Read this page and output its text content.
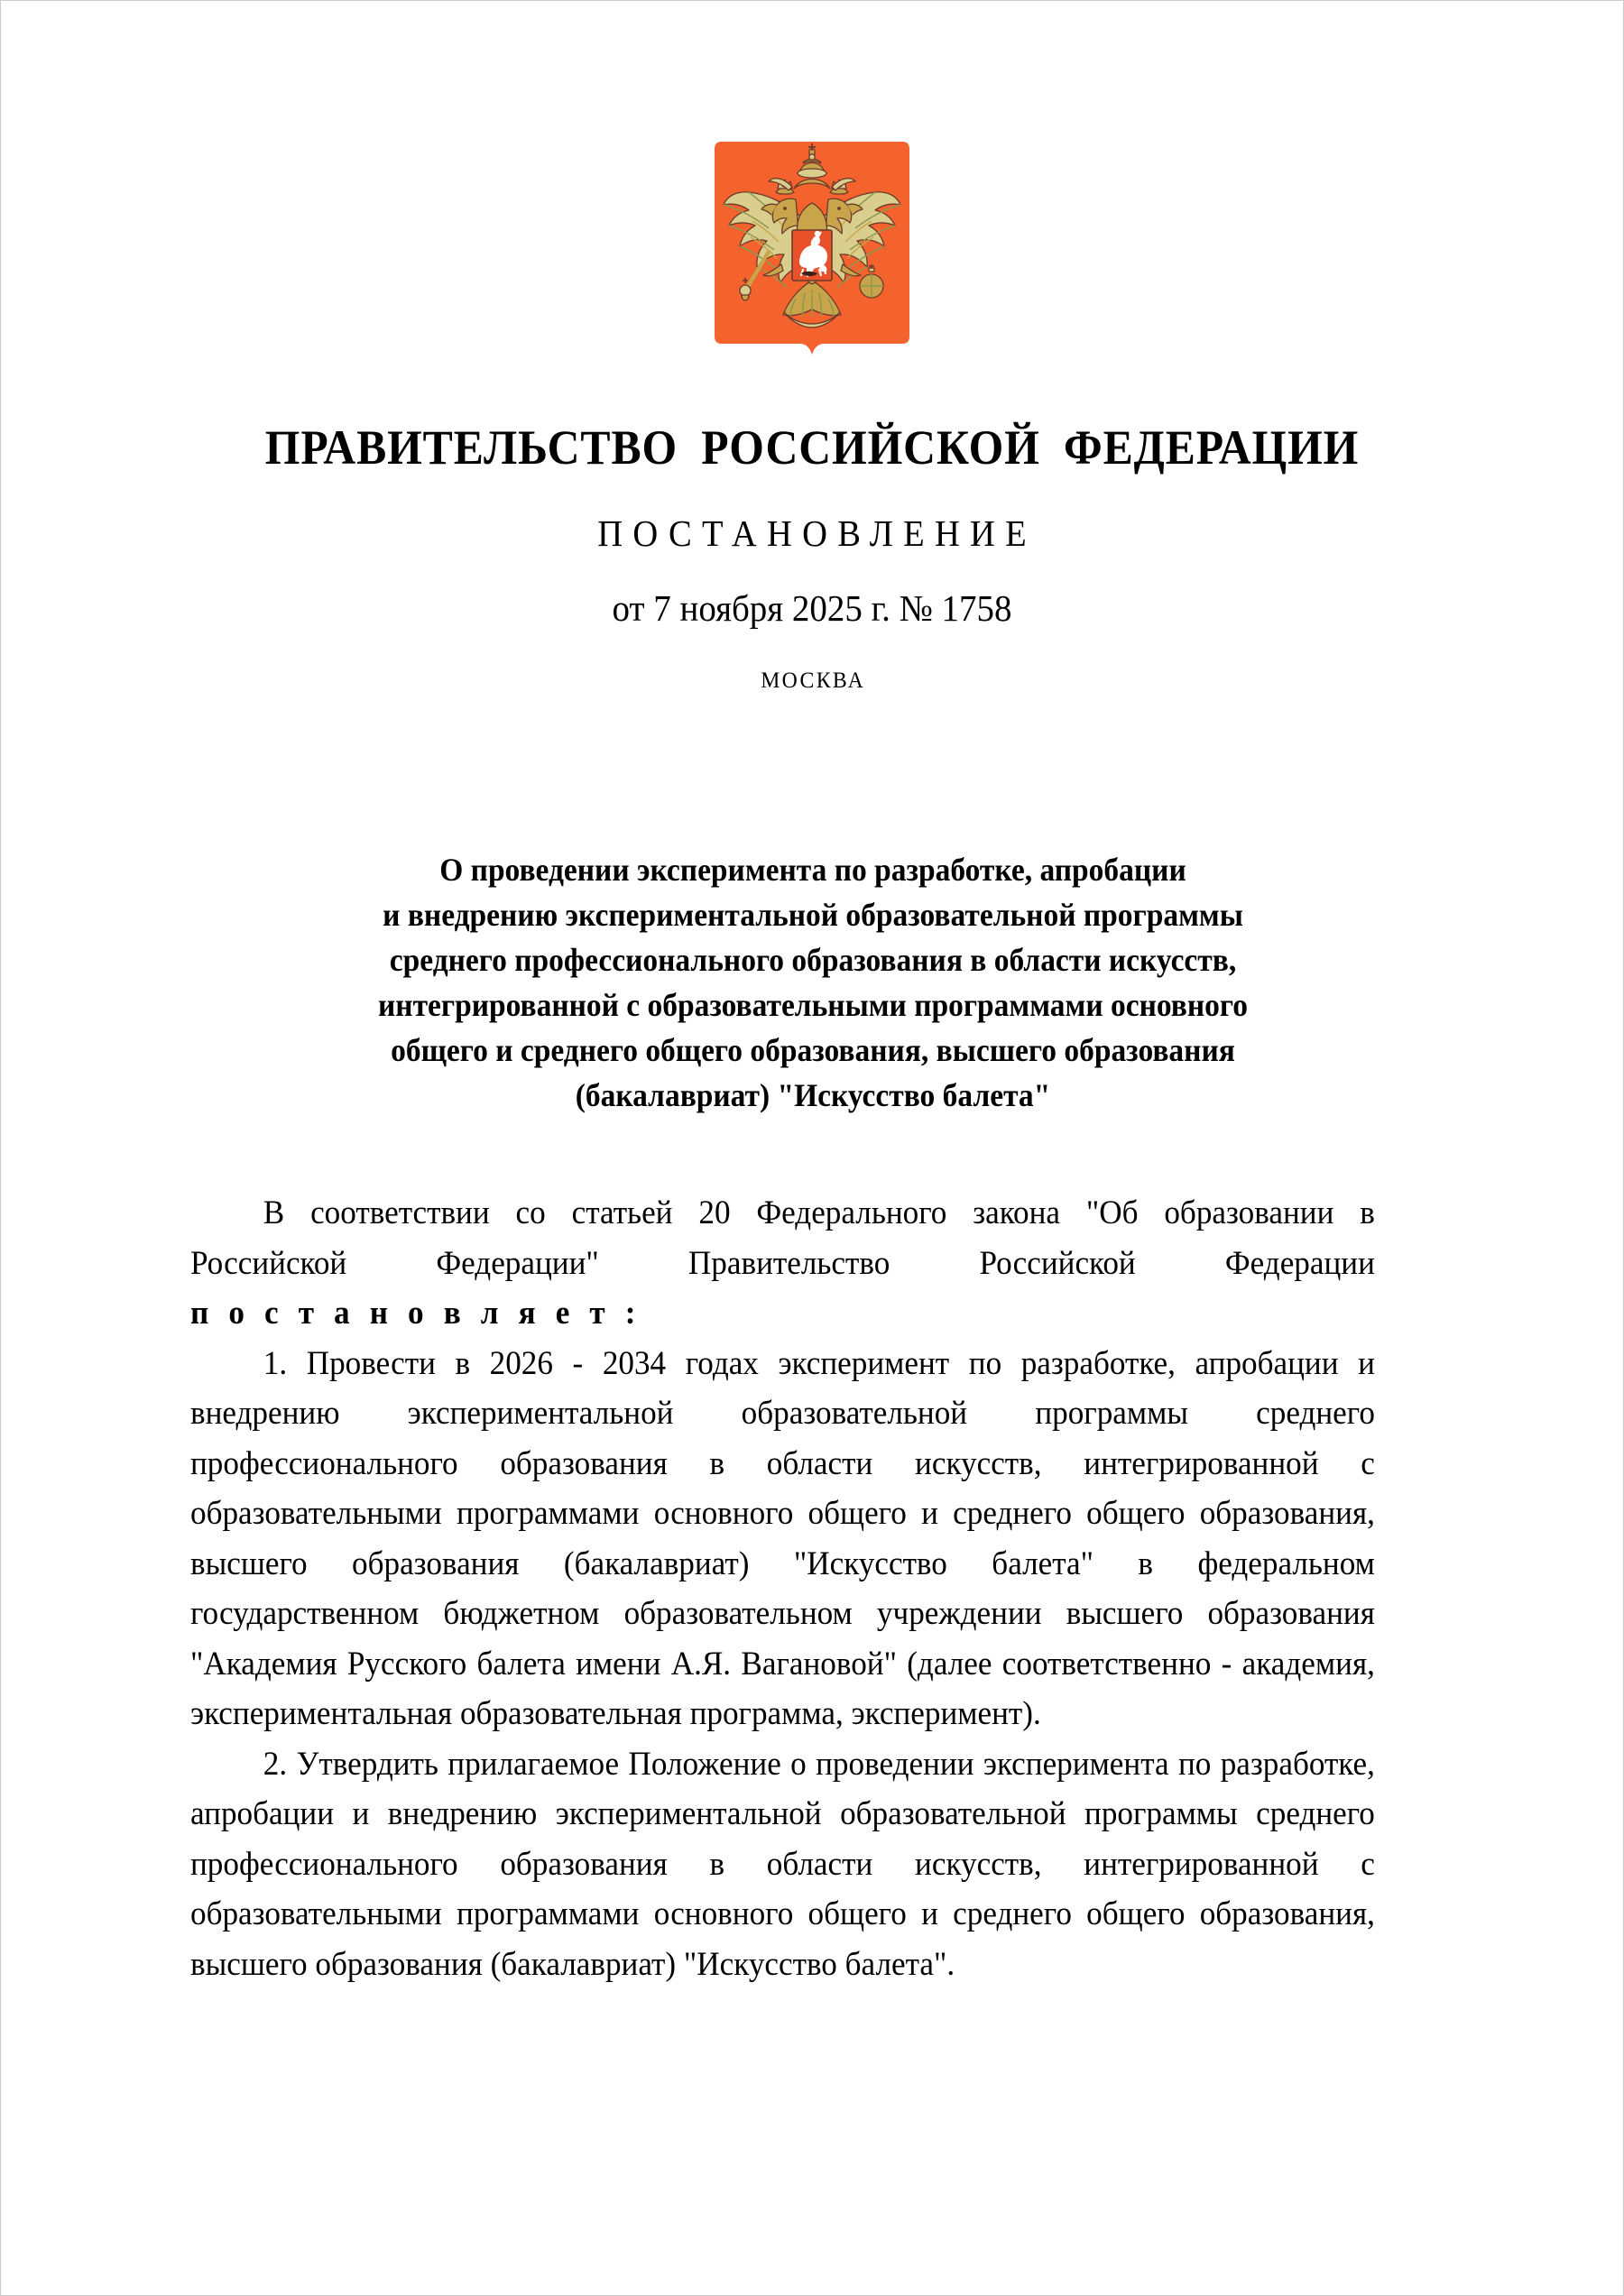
ПРАВИТЕЛЬСТВО РОССИЙСКОЙ ФЕДЕРАЦИИ
ПОСТАНОВЛЕНИЕ
от 7 ноября 2025 г. № 1758
МОСКВА
О проведении эксперимента по разработке, апробации
и внедрению экспериментальной образовательной программы
среднего профессионального образования в области искусств,
интегрированной с образовательными программами основного
общего и среднего общего образования, высшего образования
(бакалавриат) "Искусство балета"

В соответствии со статьей 20 Федерального закона "Об образовании в Российской Федерации" Правительство Российской Федерации п о с т а н о в л я е т :

1. Провести в 2026 - 2034 годах эксперимент по разработке, апробации и внедрению экспериментальной образовательной программы среднего профессионального образования в области искусств, интегрированной с образовательными программами основного общего и среднего общего образования, высшего образования (бакалавриат) "Искусство балета" в федеральном государственном бюджетном образовательном учреждении высшего образования "Академия Русского балета имени А.Я. Вагановой" (далее соответственно - академия, экспериментальная образовательная программа, эксперимент).

2. Утвердить прилагаемое Положение о проведении эксперимента по разработке, апробации и внедрению экспериментальной образовательной программы среднего профессионального образования в области искусств, интегрированной с образовательными программами основного общего и среднего общего образования, высшего образования (бакалавриат) "Искусство балета".
